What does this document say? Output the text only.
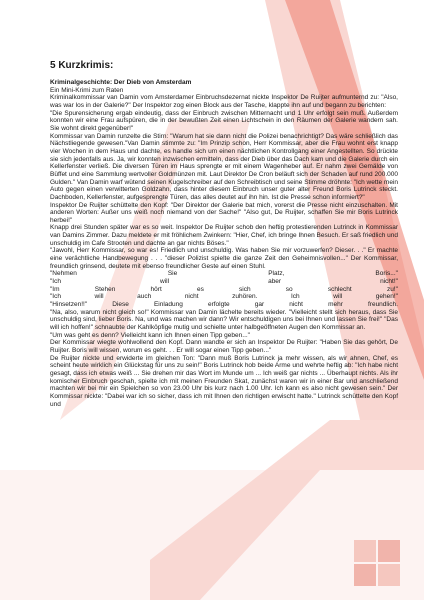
5 Kurzkrimis:
Kriminalgeschichte: Der Dieb von Amsterdam
Ein Mini-Krimi zum Raten
Kriminalkommissar van Damin vom Amsterdamer Einbruchsdezernat nickte Inspektor De Ruijter aufmunternd zu: "Also, was war los in der Galerie?" Der Inspektor zog einen Block aus der Tasche, klappte ihn auf und begann zu berichten:
"Die Spurensicherung ergab eindeutig, dass der Einbruch zwischen Mitternacht und 1 Uhr erfolgt sein muß. Außerdem konnten wir eine Frau aufspüren, die in der bewußten Zeit einen Lichtschein in den Räumen der Galerie wandern sah. Sie wohnt direkt gegenüber!"
Kommissar van Damin runzelte die Stirn: "Warum hat sie dann nicht die Polizei benachrichtigt? Das wäre schließlich das Nächstliegende gewesen."Van Damin stimmte zu: "Im Prinzip schon, Herr Kommissar, aber die Frau wohnt erst knapp vier Wochen in dem Haus und dachte, es handle sich um einen nächtlichen Kontrollgang einer Angestellten. So drückte sie sich jedenfalls aus. Ja, wir konnten inzwischen ermitteln, dass der Dieb über das Dach kam und die Galerie durch ein Kellerfenster verließ. Die diversen Türen im Haus sprengte er mit einem Wagenheber auf. Er nahm zwei Gemälde von Büffet und eine Sammlung wertvoller Goldmünzen mit. Laut Direktor De Cron beläuft sich der Schaden auf rund 200.000 Gulden." Van Damin warf wütend seinen Kugelschreiber auf den Schreibtisch und seine Stimme dröhnte: "Ich wette mein Auto gegen einen verwitterten Goldzahn, dass hinter diesem Einbruch unser guter alter Freund Boris Lutrinck steckt. Dachboden, Kellerfenster, aufgesprengte Türen, das alles deutet auf ihn hin. Ist die Presse schon informiert?"
Inspektor De Ruijter schüttelte den Kopf: "Der Direktor der Galerie bat mich, vorerst die Presse nicht einzuschalten. Mit anderen Worten: Außer uns weiß noch niemand von der Sache!" "Also gut, De Ruijter, schaffen Sie mir Boris Lutrinck herbei!"
Knapp drei Stunden später war es so weit. Inspektor De Ruijter schob den heftig protestierenden Lutrinck in Kommissar van Damins Zimmer. Dazu meldete er mit fröhlichem Zwinkern: "Hier, Chef, ich bringe Ihnen Besuch. Er saß friedlich und unschuldig im Cafe Strooten und dachte an gar nichts Böses."
"Jawohl, Herr Kommissar, so war es! Friedlich und unschuldig. Was haben Sie mir vorzuwerfen? Dieser. . ." Er machte eine verächtliche Handbewegung . . . "dieser Polizist spielte die ganze Zeit den Geheimnisvollen..." Der Kommissar, freundlich grinsend, deutete mit ebenso freundlicher Geste auf einen Stuhl.
"Nehmen	Sie	Platz,	Boris..."
"Ich	will	aber	nicht!"
"Im	Stehen	hört	es	sich	so	schlecht	zu!"
"Ich	will	auch	nicht	zuhören.	Ich	will	gehen!"
"Hinsetzen!!"	Diese	Einladung	erfolgte	gar	nicht	mehr	freundlich.
"Na, also, warum nicht gleich so!" Kommissar van Damin lächelte bereits wieder. "Vielleicht stellt sich heraus, dass Sie unschuldig sind, lieber Boris. Na, und was machen wir dann? Wir entschuldigen uns bei Ihnen und lassen Sie frei!" "Das will ich hoffen!" schnaubte der Kahlköpfige mutig und schielte unter halbgeöffneten Augen den Kommissar an.
"Um was geht es denn? Vielleicht kann ich Ihnen einen Tipp geben..."
Der Kommissar wiegte wohlwollend den Kopf. Dann wandte er sich an Inspektor De Ruijter: "Haben Sie das gehört, De Ruijter. Boris will wissen, worum es geht. . . Er will sogar einen Tipp geben..."
De Ruijter nickte und erwiderte im gleichen Ton: "Dann muß Boris Lutrinck ja mehr wissen, als wir ahnen, Chef, es scheint heute wirklich ein Glückstag für uns zu sein!" Boris Lutrinck hob beide Arme und wehrte heftig ab: "Ich habe nicht gesagt, dass ich etwas weiß ... Sie drehen mir das Wort im Munde um ... Ich weiß gar nichts ... Überhaupt nichts. Als ihr komischer Einbruch geschah, spielte ich mit meinen Freunden Skat, zunächst waren wir in einer Bar und anschließend machten wir bei mir ein Spielchen so von 23.00 Uhr bis kurz nach 1.00 Uhr. Ich kann es also nicht gewesen sein." Der Kommissar nickte: "Dabei war ich so sicher, dass ich mit Ihnen den richtigen erwischt hatte." Lutrinck schüttelte den Kopf und
